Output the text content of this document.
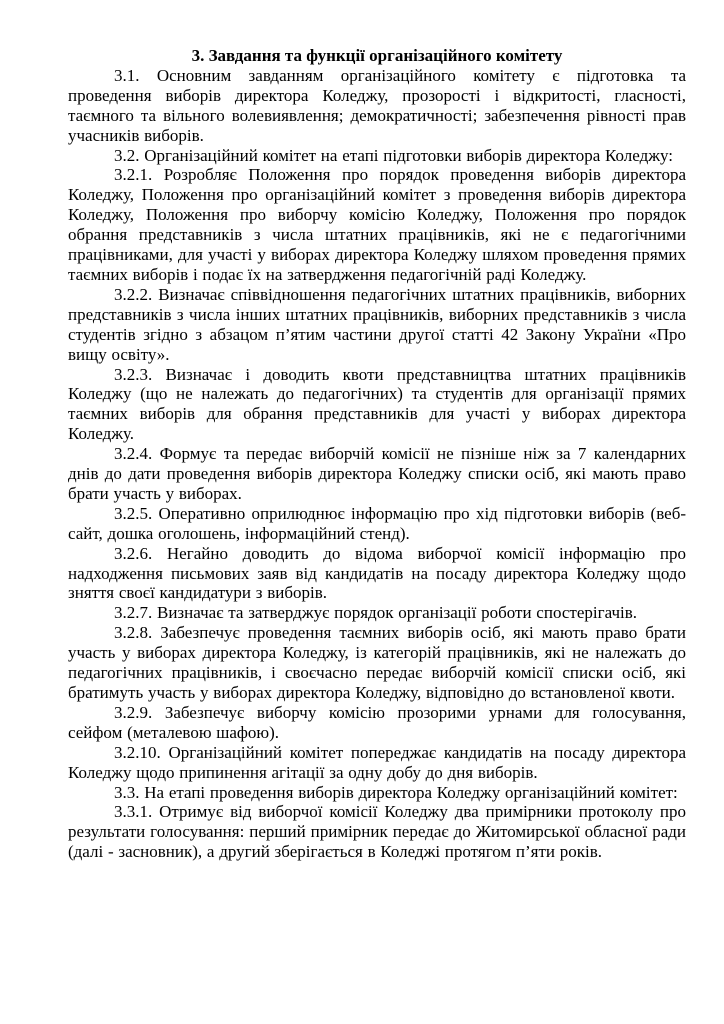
3. Завдання та функції організаційного комітету

3.1. Основним завданням організаційного комітету є підготовка та проведення виборів директора Коледжу, прозорості і відкритості, гласності, таємного та вільного волевиявлення; демократичності; забезпечення рівності прав учасників виборів.

3.2. Організаційний комітет на етапі підготовки виборів директора Коледжу:

3.2.1. Розробляє Положення про порядок проведення виборів директора Коледжу, Положення про організаційний комітет з проведення виборів директора Коледжу, Положення про виборчу комісію Коледжу, Положення про порядок обрання представників з числа штатних працівників, які не є педагогічними працівниками, для участі у виборах директора Коледжу шляхом проведення прямих таємних виборів і подає їх на затвердження педагогічній раді Коледжу.

3.2.2. Визначає співвідношення педагогічних штатних працівників, виборних представників з числа інших штатних працівників, виборних представників з числа студентів згідно з абзацом п’ятим частини другої статті 42 Закону України «Про вищу освіту».

3.2.3. Визначає і доводить квоти представництва штатних працівників Коледжу (що не належать до педагогічних) та студентів для організації прямих таємних виборів для обрання представників для участі у виборах директора Коледжу.

3.2.4. Формує та передає виборчій комісії не пізніше ніж за 7 календарних днів до дати проведення виборів директора Коледжу списки осіб, які мають право брати участь у виборах.

3.2.5. Оперативно оприлюднює інформацію про хід підготовки виборів (веб-сайт, дошка оголошень, інформаційний стенд).

3.2.6. Негайно доводить до відома виборчої комісії інформацію про надходження письмових заяв від кандидатів на посаду директора Коледжу щодо зняття своєї кандидатури з виборів.

3.2.7. Визначає та затверджує порядок організації роботи спостерігачів.

3.2.8. Забезпечує проведення таємних виборів осіб, які мають право брати участь у виборах директора Коледжу, із категорій працівників, які не належать до педагогічних працівників, і своєчасно передає виборчій комісії списки осіб, які братимуть участь у виборах директора Коледжу, відповідно до встановленої квоти.

3.2.9. Забезпечує виборчу комісію прозорими урнами для голосування, сейфом (металевою шафою).

3.2.10. Організаційний комітет попереджає кандидатів на посаду директора Коледжу щодо припинення агітації за одну добу до дня виборів.

3.3. На етапі проведення виборів директора Коледжу організаційний комітет:

3.3.1. Отримує від виборчої комісії Коледжу два примірники протоколу про результати голосування: перший примірник передає до Житомирської обласної ради (далі - засновник), а другий зберігається в Коледжі протягом п’яти років.
